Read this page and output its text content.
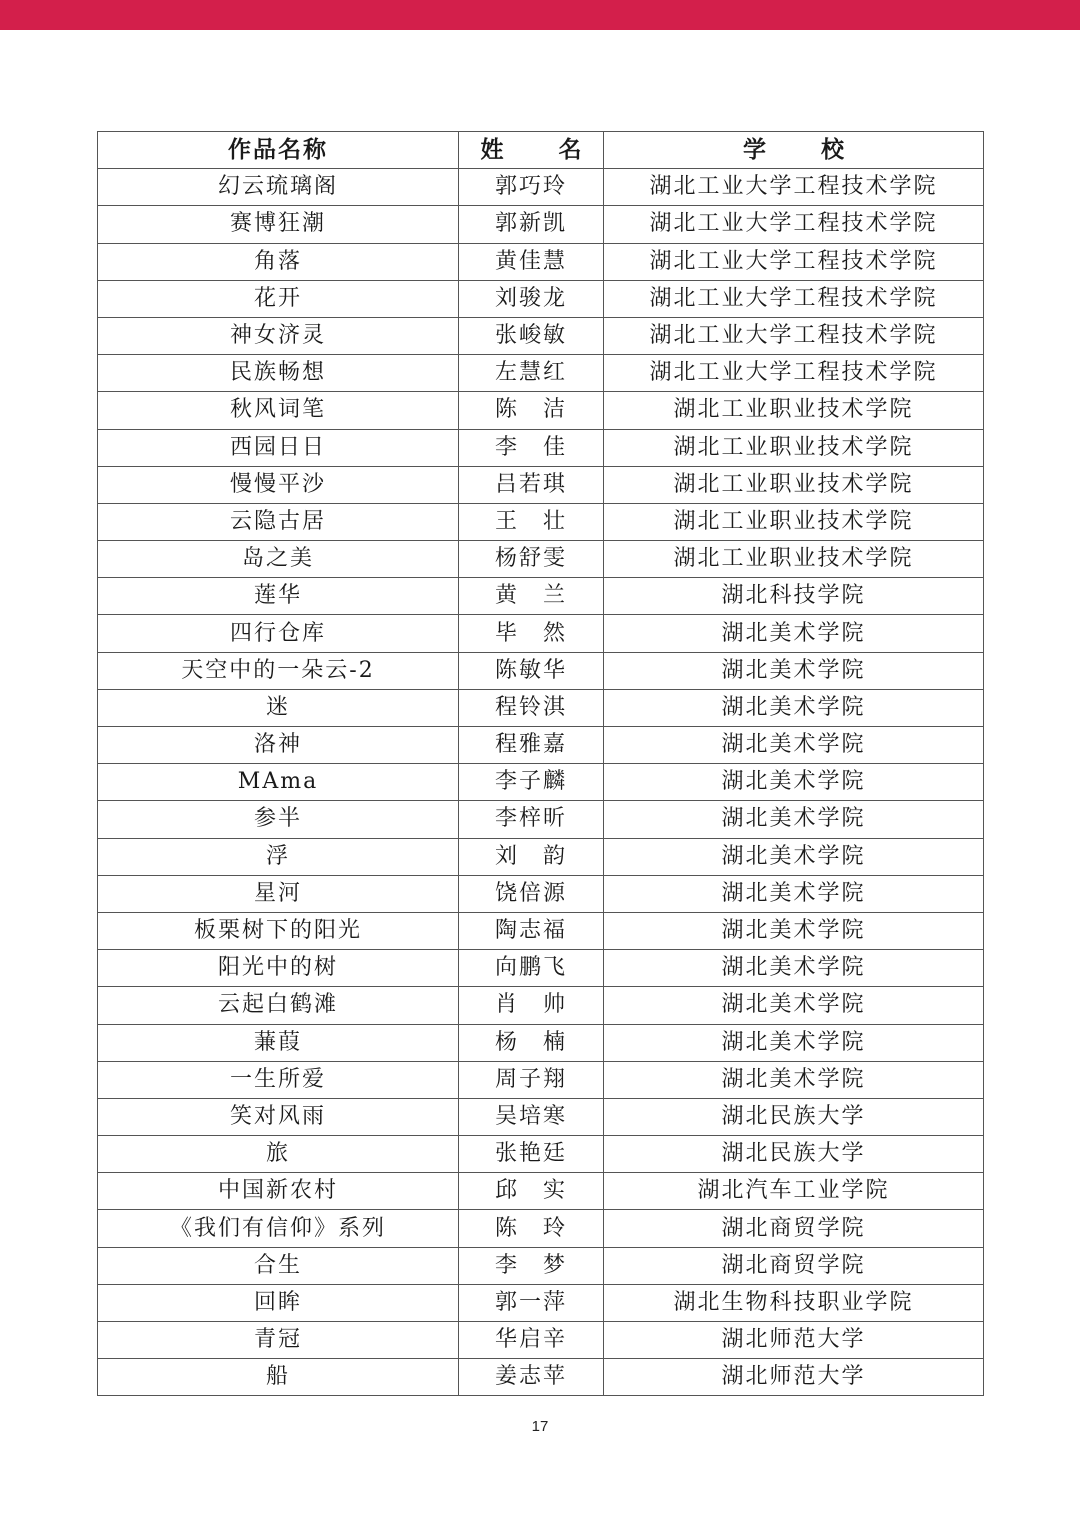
作品名称	姓　名	学　校
幻云琉璃阁	郭巧玲	湖北工业大学工程技术学院
赛博狂潮	郭新凯	湖北工业大学工程技术学院
角落	黄佳慧	湖北工业大学工程技术学院
花开	刘骏龙	湖北工业大学工程技术学院
神女济灵	张峻敏	湖北工业大学工程技术学院
民族畅想	左慧红	湖北工业大学工程技术学院
秋风词笔	陈　洁	湖北工业职业技术学院
西园日日	李　佳	湖北工业职业技术学院
慢慢平沙	吕若琪	湖北工业职业技术学院
云隐古居	王　壮	湖北工业职业技术学院
岛之美	杨舒雯	湖北工业职业技术学院
莲华	黄　兰	湖北科技学院
四行仓库	毕　然	湖北美术学院
天空中的一朵云-2	陈敏华	湖北美术学院
迷	程铃淇	湖北美术学院
洛神	程雅嘉	湖北美术学院
MAma	李子麟	湖北美术学院
参半	李梓昕	湖北美术学院
浮	刘　韵	湖北美术学院
星河	饶倍源	湖北美术学院
板栗树下的阳光	陶志福	湖北美术学院
阳光中的树	向鹏飞	湖北美术学院
云起白鹤滩	肖　帅	湖北美术学院
蒹葭	杨　楠	湖北美术学院
一生所爱	周子翔	湖北美术学院
笑对风雨	吴培寒	湖北民族大学
旅	张艳廷	湖北民族大学
中国新农村	邱　实	湖北汽车工业学院
《我们有信仰》系列	陈　玲	湖北商贸学院
合生	李　梦	湖北商贸学院
回眸	郭一萍	湖北生物科技职业学院
青冠	华启辛	湖北师范大学
船	姜志苹	湖北师范大学
17
